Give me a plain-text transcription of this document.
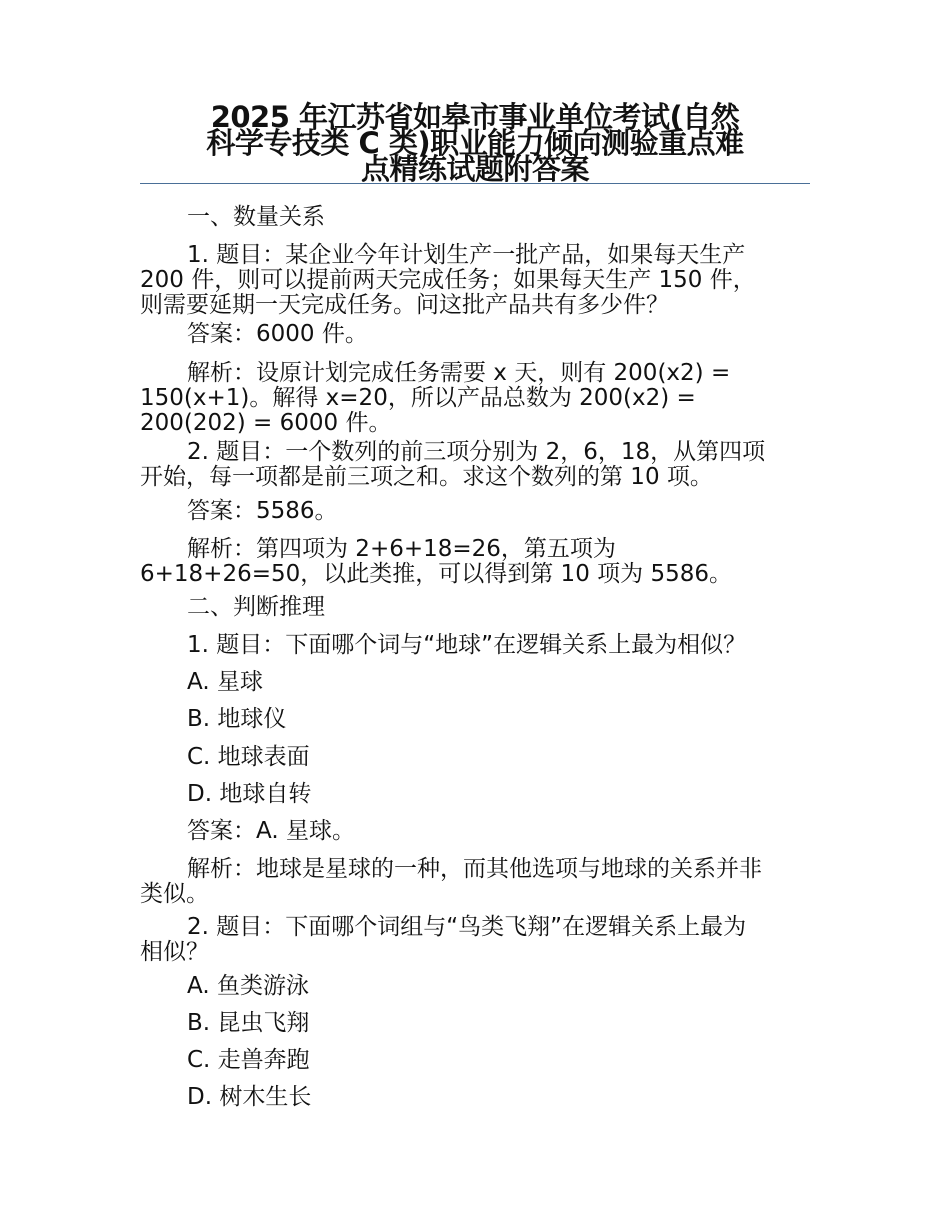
2025 年江苏省如皋市事业单位考试(自然
科学专技类 C 类)职业能力倾向测验重点难
点精练试题附答案
一、数量关系
1. 题目：某企业今年计划生产一批产品，如果每天生产
200 件，则可以提前两天完成任务；如果每天生产 150 件，
则需要延期一天完成任务。问这批产品共有多少件？
答案：6000 件。
解析：设原计划完成任务需要 x 天，则有 200(x2) =
150(x+1)。解得 x=20，所以产品总数为 200(x2) =
200(202) = 6000 件。
2. 题目：一个数列的前三项分别为 2，6，18，从第四项
开始，每一项都是前三项之和。求这个数列的第 10 项。
答案：5586。
解析：第四项为 2+6+18=26，第五项为
6+18+26=50，以此类推，可以得到第 10 项为 5586。
二、判断推理
1. 题目：下面哪个词与“地球”在逻辑关系上最为相似？
A. 星球
B. 地球仪
C. 地球表面
D. 地球自转
答案：A. 星球。
解析：地球是星球的一种，而其他选项与地球的关系并非
类似。
2. 题目：下面哪个词组与“鸟类飞翔”在逻辑关系上最为
相似？
A. 鱼类游泳
B. 昆虫飞翔
C. 走兽奔跑
D. 树木生长
